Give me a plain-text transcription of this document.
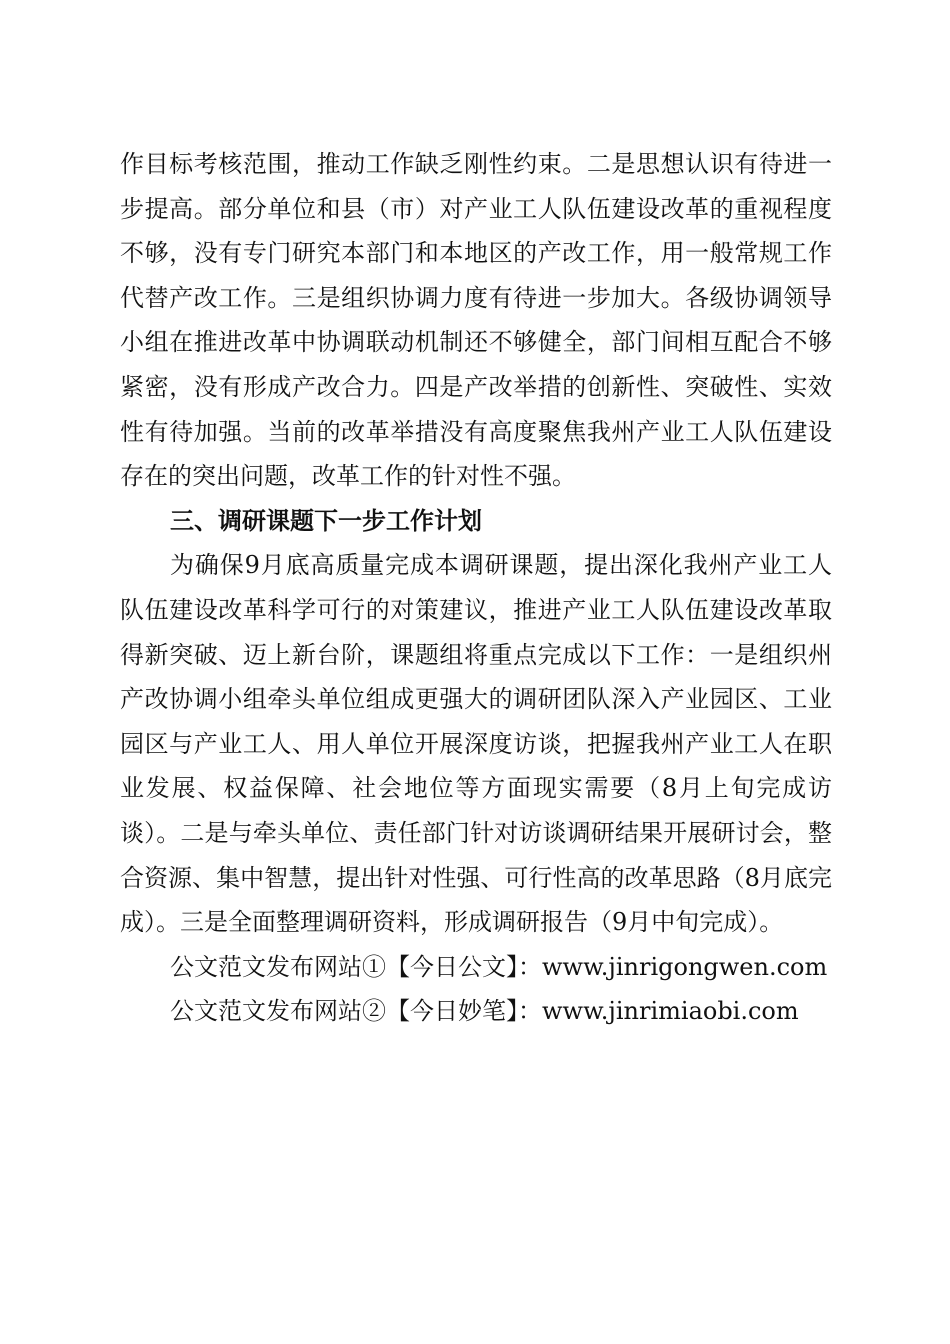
作目标考核范围，推动工作缺乏刚性约束。二是思想认识有待进一步提高。部分单位和县（市）对产业工人队伍建设改革的重视程度不够，没有专门研究本部门和本地区的产改工作，用一般常规工作代替产改工作。三是组织协调力度有待进一步加大。各级协调领导小组在推进改革中协调联动机制还不够健全，部门间相互配合不够紧密，没有形成产改合力。四是产改举措的创新性、突破性、实效性有待加强。当前的改革举措没有高度聚焦我州产业工人队伍建设存在的突出问题，改革工作的针对性不强。

三、调研课题下一步工作计划

为确保9月底高质量完成本调研课题，提出深化我州产业工人队伍建设改革科学可行的对策建议，推进产业工人队伍建设改革取得新突破、迈上新台阶，课题组将重点完成以下工作：一是组织州产改协调小组牵头单位组成更强大的调研团队深入产业园区、工业园区与产业工人、用人单位开展深度访谈，把握我州产业工人在职业发展、权益保障、社会地位等方面现实需要（8月上旬完成访谈）。二是与牵头单位、责任部门针对访谈调研结果开展研讨会，整合资源、集中智慧，提出针对性强、可行性高的改革思路（8月底完成）。三是全面整理调研资料，形成调研报告（9月中旬完成）。

公文范文发布网站①【今日公文】：www.jinrigongwen.com

公文范文发布网站②【今日妙笔】：www.jinrimiaobi.com
